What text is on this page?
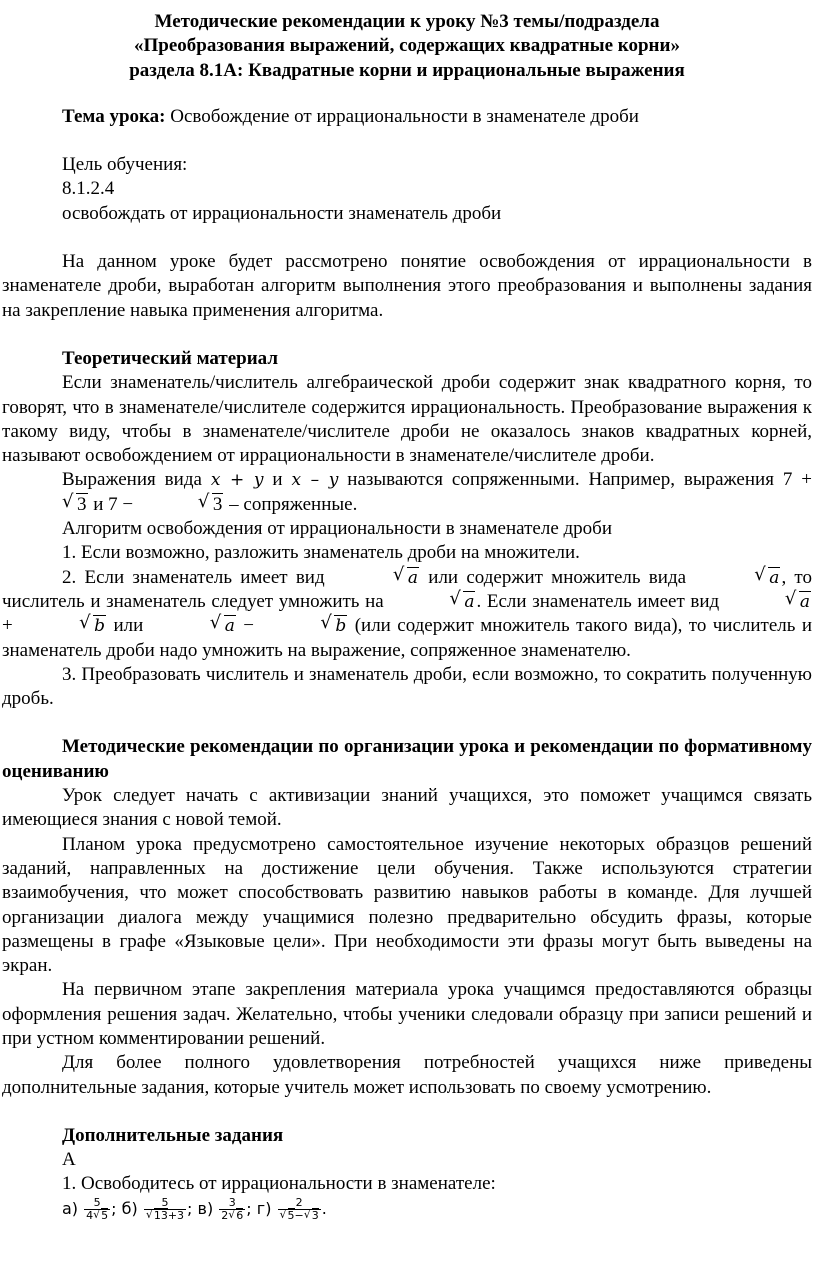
Методические рекомендации к уроку №3 темы/подраздела
«Преобразования выражений, содержащих квадратные корни»
раздела 8.1А: Квадратные корни и иррациональные выражения

Тема урока: Освобождение от иррациональности в знаменателе дроби

Цель обучения:

8.1.2.4

освобождать от иррациональности знаменатель дроби

На данном уроке будет рассмотрено понятие освобождения от иррациональности в знаменателе дроби, выработан алгоритм выполнения этого преобразования и выполнены задания на закрепление навыка применения алгоритма.

Теоретический материал

Если знаменатель/числитель алгебраической дроби содержит знак квадратного корня, то говорят, что в знаменателе/числителе содержится иррациональность. Преобразование выражения к такому виду, чтобы в знаменателе/числителе дроби не оказалось знаков квадратных корней, называют освобождением от иррациональности в знаменателе/числителе дроби.

Выражения вида x + y и x – y называются сопряженными. Например, выражения 7 + √ 3 и 7 −	√ 3 – сопряженные.

Алгоритм освобождения от иррациональности в знаменателе дроби

1. Если возможно, разложить знаменатель дроби на множители.

2. Если знаменатель имеет вид	√ a или содержит множитель вида	√ a , то числитель и знаменатель следует умножить на	√ a . Если знаменатель имеет вид	√ a +	√ b или	√ a −	√ b (или содержит множитель такого вида), то числитель и знаменатель дроби надо умножить на выражение, сопряженное знаменателю.

3. Преобразовать числитель и знаменатель дроби, если возможно, то сократить полученную дробь.

Методические рекомендации по организации урока и рекомендации по формативному оцениванию

Урок следует начать с активизации знаний учащихся, это поможет учащимся связать имеющиеся знания с новой темой.

Планом урока предусмотрено самостоятельное изучение некоторых образцов решений заданий, направленных на достижение цели обучения. Также используются стратегии взаимобучения, что может способствовать развитию навыков работы в команде. Для лучшей организации диалога между учащимися полезно предварительно обсудить фразы, которые размещены в графе «Языковые цели». При необходимости эти фразы могут быть выведены на экран.

На первичном этапе закрепления материала урока учащимся предоставляются образцы оформления решения задач. Желательно, чтобы ученики следовали образцу при записи решений и при устном комментировании решений.

Для более полного удовлетворения потребностей учащихся ниже приведены дополнительные задания, которые учитель может использовать по своему усмотрению.

Дополнительные задания

А

1. Освободитесь от иррациональности в знаменателе:

$а) \frac{5}{4 √ 5}$ ; б) 5
√ 13+3 ; $в) \frac{3}{2 √ 6}$ ; г) 2
√ 5− √ 3 .
